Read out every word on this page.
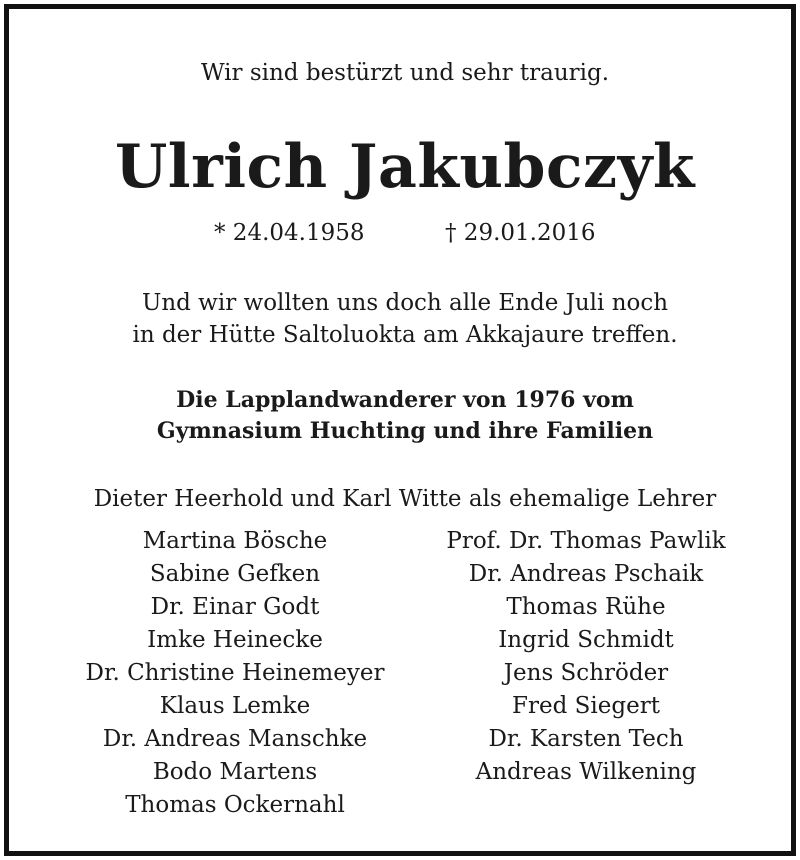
Wir sind bestürzt und sehr traurig.

Ulrich Jakubczyk
* 24.04.1958	† 29.01.2016

Und wir wollten uns doch alle Ende Juli noch

in der Hütte Saltoluokta am Akkajaure treffen.

Die Lapplandwanderer von 1976 vom

Gymnasium Huchting und ihre Familien

Dieter Heerhold und Karl Witte als ehemalige Lehrer

Martina Bösche
Sabine Gefken
Dr. Einar Godt
Imke Heinecke
Dr. Christine Heinemeyer
Klaus Lemke
Dr. Andreas Manschke
Bodo Martens
Thomas Ockernahl
Prof. Dr. Thomas Pawlik
Dr. Andreas Pschaik
Thomas Rühe
Ingrid Schmidt
Jens Schröder
Fred Siegert
Dr. Karsten Tech
Andreas Wilkening
